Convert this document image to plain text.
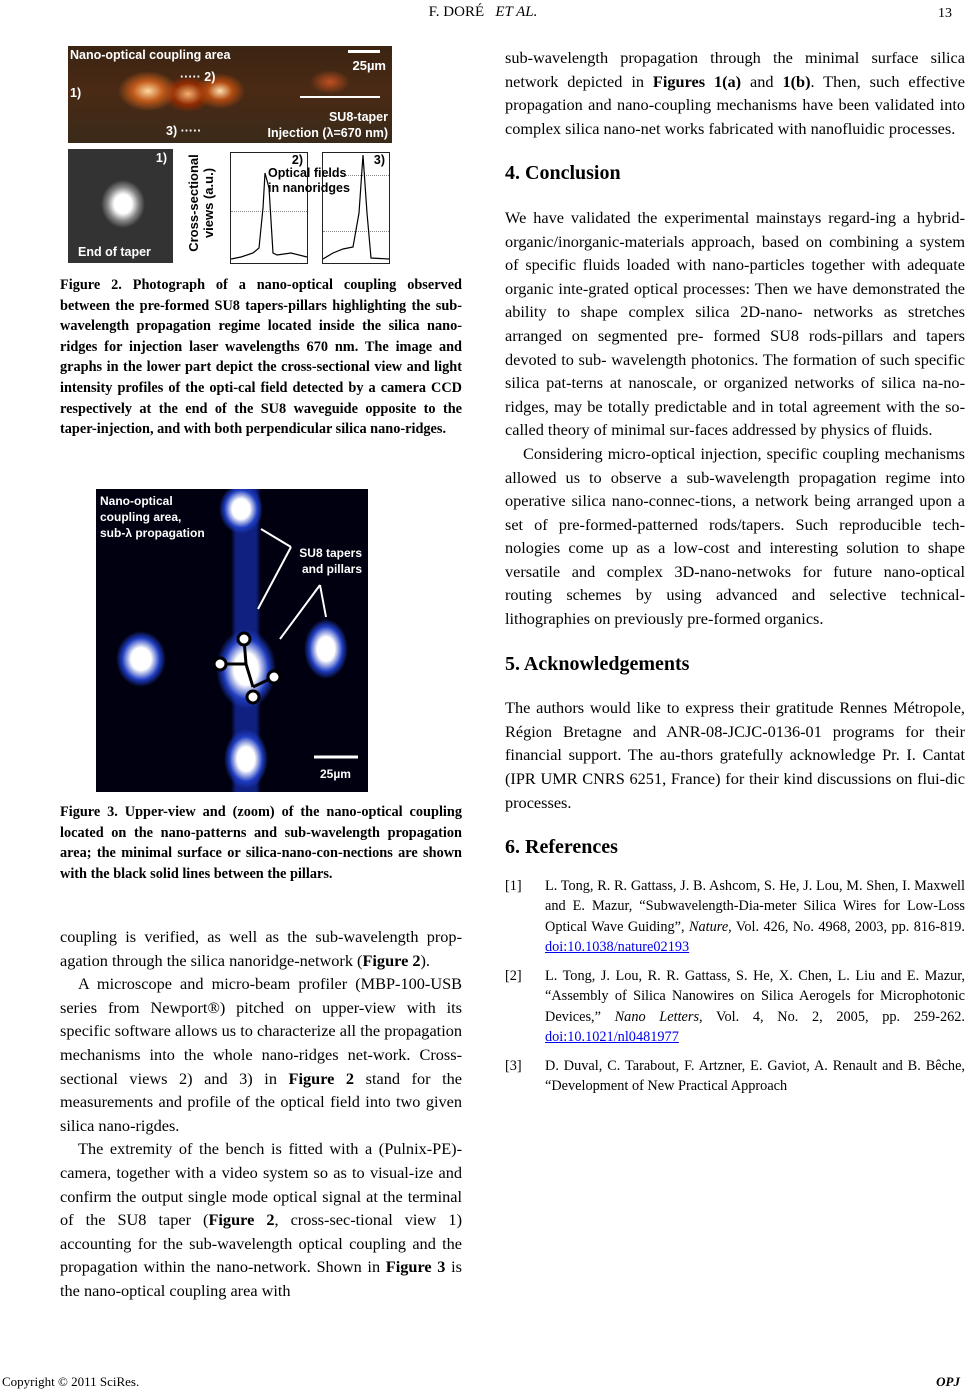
F. DORÉ ET AL.	13
Nano-optical coupling area
25µm
····· 2)
1)
3) ·····
SU8-taper
Injection (λ=670 nm)
1)
End of taper
Cross-sectional views (a.u.)
2)	3)
Optical fields
in nanoridges
Figure 2. Photograph of a nano-optical coupling observed between the pre-formed SU8 tapers-pillars highlighting the sub-wavelength propagation regime located inside the silica nano-ridges for injection laser wavelengths 670 nm. The image and graphs in the lower part depict the cross-sectional view and light intensity profiles of the opti-cal field detected by a camera CCD respectively at the end of the SU8 waveguide opposite to the taper-injection, and with both perpendicular silica nano-ridges.
Nano-optical
coupling area,
sub-λ propagation
SU8 tapers
and pillars
25µm
Figure 3. Upper-view and (zoom) of the nano-optical coupling located on the nano-patterns and sub-wavelength propagation area; the minimal surface or silica-nano-con-nections are shown with the black solid lines between the pillars.

coupling is verified, as well as the sub-wavelength prop-agation through the silica nanoridge-network (Figure 2).

A microscope and micro-beam profiler (MBP-100-USB series from Newport®) pitched on upper-view with its specific software allows us to characterize all the propagation mechanisms into the whole nano-ridges net-work. Cross-sectional views 2) and 3) in Figure 2 stand for the measurements and profile of the optical field into two given silica nano-rigdes.

The extremity of the bench is fitted with a (Pulnix-PE)-camera, together with a video system so as to visual-ize and confirm the output single mode optical signal at the terminal of the SU8 taper (Figure 2, cross-sec-tional view 1) accounting for the sub-wavelength optical coupling and the propagation within the nano-network. Shown in Figure 3 is the nano-optical coupling area with

sub-wavelength propagation through the minimal surface silica network depicted in Figures 1(a) and 1(b). Then, such effective propagation and nano-coupling mechanisms have been validated into complex silica nano-net works fabricated with nanofluidic processes.

4. Conclusion

We have validated the experimental mainstays regard-ing a hybrid-organic/inorganic-materials approach, based on combining a system of specific fluids loaded with nano-particles together with adequate organic inte-grated optical processes: Then we have demonstrated the ability to shape complex silica 2D-nano- networks as stretches arranged on segmented pre- formed SU8 rods-pillars and tapers devoted to sub- wavelength photonics. The formation of such specific silica pat-terns at nanoscale, or organized networks of silica na-no-ridges, may be totally predictable and in total agreement with the so-called theory of minimal sur-faces addressed by physics of fluids.

Considering micro-optical injection, specific coupling mechanisms allowed us to observe a sub-wavelength propagation regime into operative silica nano-connec-tions, a network being arranged upon a set of pre-formed-patterned rods/tapers. Such reproducible tech-nologies come up as a low-cost and interesting solution to shape versatile and complex 3D-nano-netwoks for future nano-optical routing schemes by using advanced and selective technical-lithographies on previously pre-formed organics.

5. Acknowledgements

The authors would like to express their gratitude Rennes Métropole, Région Bretagne and ANR-08-JCJC-0136-01 programs for their financial support. The au-thors gratefully acknowledge Pr. I. Cantat (IPR UMR CNRS 6251, France) for their kind discussions on flui-dic processes.

6. References
[1] L. Tong, R. R. Gattass, J. B. Ashcom, S. He, J. Lou, M. Shen, I. Maxwell and E. Mazur, “Subwavelength-Dia-meter Silica Wires for Low-Loss Optical Wave Guiding”, Nature, Vol. 426, No. 4968, 2003, pp. 816-819. doi:10.1038/nature02193
[2] L. Tong, J. Lou, R. R. Gattass, S. He, X. Chen, L. Liu and E. Mazur, “Assembly of Silica Nanowires on Silica Aerogels for Microphotonic Devices,” Nano Letters, Vol. 4, No. 2, 2005, pp. 259-262. doi:10.1021/nl0481977
[3] D. Duval, C. Tarabout, F. Artzner, E. Gaviot, A. Renault and B. Bêche, “Development of New Practical Approach
Copyright © 2011 SciRes.	OPJ
